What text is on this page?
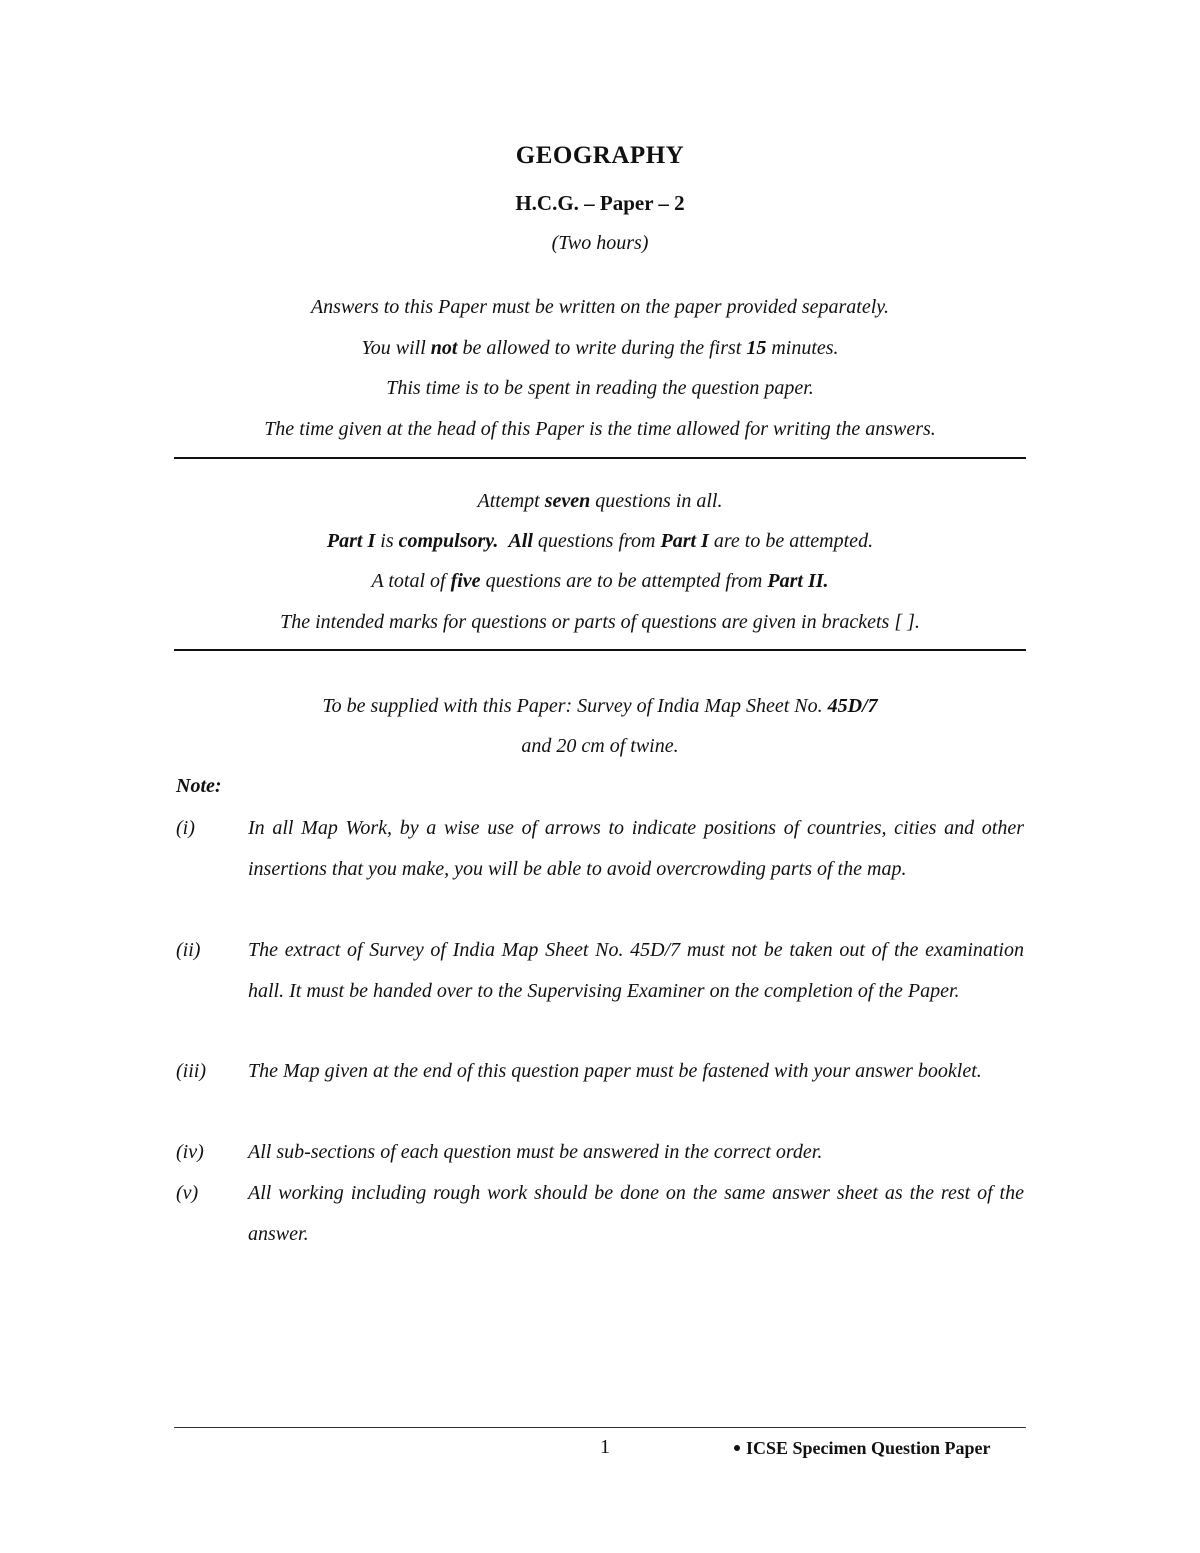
GEOGRAPHY
H.C.G. – Paper – 2
(Two hours)
Answers to this Paper must be written on the paper provided separately.
You will not be allowed to write during the first 15 minutes.
This time is to be spent in reading the question paper.
The time given at the head of this Paper is the time allowed for writing the answers.
Attempt seven questions in all.
Part I is compulsory. All questions from Part I are to be attempted.
A total of five questions are to be attempted from Part II.
The intended marks for questions or parts of questions are given in brackets [ ].
To be supplied with this Paper: Survey of India Map Sheet No. 45D/7
and 20 cm of twine.
Note:
(i)	In all Map Work, by a wise use of arrows to indicate positions of countries, cities and other insertions that you make, you will be able to avoid overcrowding parts of the map.
(ii)	The extract of Survey of India Map Sheet No. 45D/7 must not be taken out of the examination hall. It must be handed over to the Supervising Examiner on the completion of the Paper.
(iii)	The Map given at the end of this question paper must be fastened with your answer booklet.
(iv)	All sub-sections of each question must be answered in the correct order.
(v)	All working including rough work should be done on the same answer sheet as the rest of the answer.
1	ICSE Specimen Question Paper
